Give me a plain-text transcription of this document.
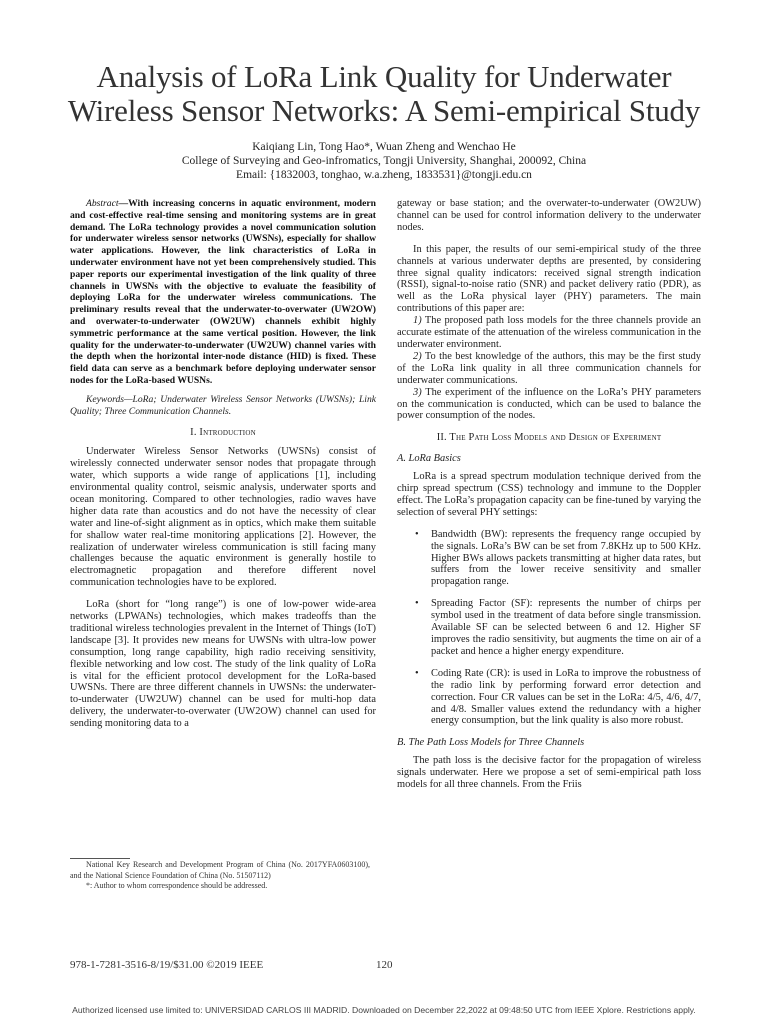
Analysis of LoRa Link Quality for Underwater
Wireless Sensor Networks: A Semi-empirical Study
Kaiqiang Lin, Tong Hao*, Wuan Zheng and Wenchao He
College of Surveying and Geo-infromatics, Tongji University, Shanghai, 200092, China
Email: {1832003, tonghao, w.a.zheng, 1833531}@tongji.edu.cn

Abstract—With increasing concerns in aquatic environment, modern and cost-effective real-time sensing and monitoring systems are in great demand. The LoRa technology provides a novel communication solution for underwater wireless sensor networks (UWSNs), especially for shallow water applications. However, the link characteristics of LoRa in underwater environment have not yet been comprehensively studied. This paper reports our experimental investigation of the link quality of three channels in UWSNs with the objective to evaluate the feasibility of deploying LoRa for the underwater wireless communications. The preliminary results reveal that the underwater-to-overwater (UW2OW) and overwater-to-underwater (OW2UW) channels exhibit highly symmetric performance at the same vertical position. However, the link quality for the underwater-to-underwater (UW2UW) channel varies with the depth when the horizontal inter-node distance (HID) is fixed. These field data can serve as a benchmark before deploying underwater sensor nodes for the LoRa-based WUSNs.

Keywords—LoRa; Underwater Wireless Sensor Networks (UWSNs); Link Quality; Three Communication Channels.

I. Introduction

Underwater Wireless Sensor Networks (UWSNs) consist of wirelessly connected underwater sensor nodes that propagate through water, which supports a wide range of applications [1], including environmental quality control, seismic analysis, underwater sports and ocean monitoring. Compared to other technologies, radio waves have higher data rate than acoustics and do not have the necessity of clear water and line-of-sight alignment as in optics, which make them suitable for shallow water real-time monitoring applications [2]. However, the realization of underwater wireless communication is still facing many challenges because the aquatic environment is generally hostile to electromagnetic propagation and therefore different novel communication technologies have to be explored.

LoRa (short for “long range”) is one of low-power wide-area networks (LPWANs) technologies, which makes tradeoffs than the traditional wireless technologies prevalent in the Internet of Things (IoT) landscape [3]. It provides new means for UWSNs with ultra-low power consumption, long range capability, high radio receiving sensitivity, flexible networking and low cost. The study of the link quality of LoRa is vital for the efficient protocol development for the LoRa-based UWSNs. There are three different channels in UWSNs: the underwater-to-underwater (UW2UW) channel can be used for multi-hop data delivery, the underwater-to-overwater (UW2OW) channel can used for sending monitoring data to a

gateway or base station; and the overwater-to-underwater (OW2UW) channel can be used for control information delivery to the underwater nodes.

In this paper, the results of our semi-empirical study of the three channels at various underwater depths are presented, by considering three signal quality indicators: received signal strength indication (RSSI), signal-to-noise ratio (SNR) and packet delivery ratio (PDR), as well as the LoRa physical layer (PHY) parameters. The main contributions of this paper are:

1) The proposed path loss models for the three channels provide an accurate estimate of the attenuation of the wireless communication in the underwater environment.

2) To the best knowledge of the authors, this may be the first study of the LoRa link quality in all three communication channels for underwater communications.

3) The experiment of the influence on the LoRa’s PHY parameters on the communication is conducted, which can be used to balance the power consumption of the nodes.

II. The Path Loss Models and Design of Experiment

A. LoRa Basics

LoRa is a spread spectrum modulation technique derived from the chirp spread spectrum (CSS) technology and immune to the Doppler effect. The LoRa’s propagation capacity can be fine-tuned by varying the selection of several PHY settings:

• Bandwidth (BW): represents the frequency range occupied by the signals. LoRa’s BW can be set from 7.8KHz up to 500 KHz. Higher BWs allows packets transmitting at higher data rates, but suffers from the lower receive sensitivity and smaller propagation range.
• Spreading Factor (SF): represents the number of chirps per symbol used in the treatment of data before single transmission. Available SF can be selected between 6 and 12. Higher SF improves the radio sensitivity, but augments the time on air of a packet and hence a higher energy expenditure.
• Coding Rate (CR): is used in LoRa to improve the robustness of the radio link by performing forward error detection and correction. Four CR values can be set in the LoRa: 4/5, 4/6, 4/7, and 4/8. Smaller values extend the redundancy with a higher energy consumption, but the link quality is also more robust.

B. The Path Loss Models for Three Channels

The path loss is the decisive factor for the propagation of wireless signals underwater. Here we propose a set of semi-empirical path loss models for all three channels. From the Friis

National Key Research and Development Program of China (No. 2017YFA0603100), and the National Science Foundation of China (No. 51507112)

*: Author to whom correspondence should be addressed.

978-1-7281-3516-8/19/$31.00 ©2019 IEEE	120
Authorized licensed use limited to: UNIVERSIDAD CARLOS III MADRID. Downloaded on December 22,2022 at 09:48:50 UTC from IEEE Xplore. Restrictions apply.
